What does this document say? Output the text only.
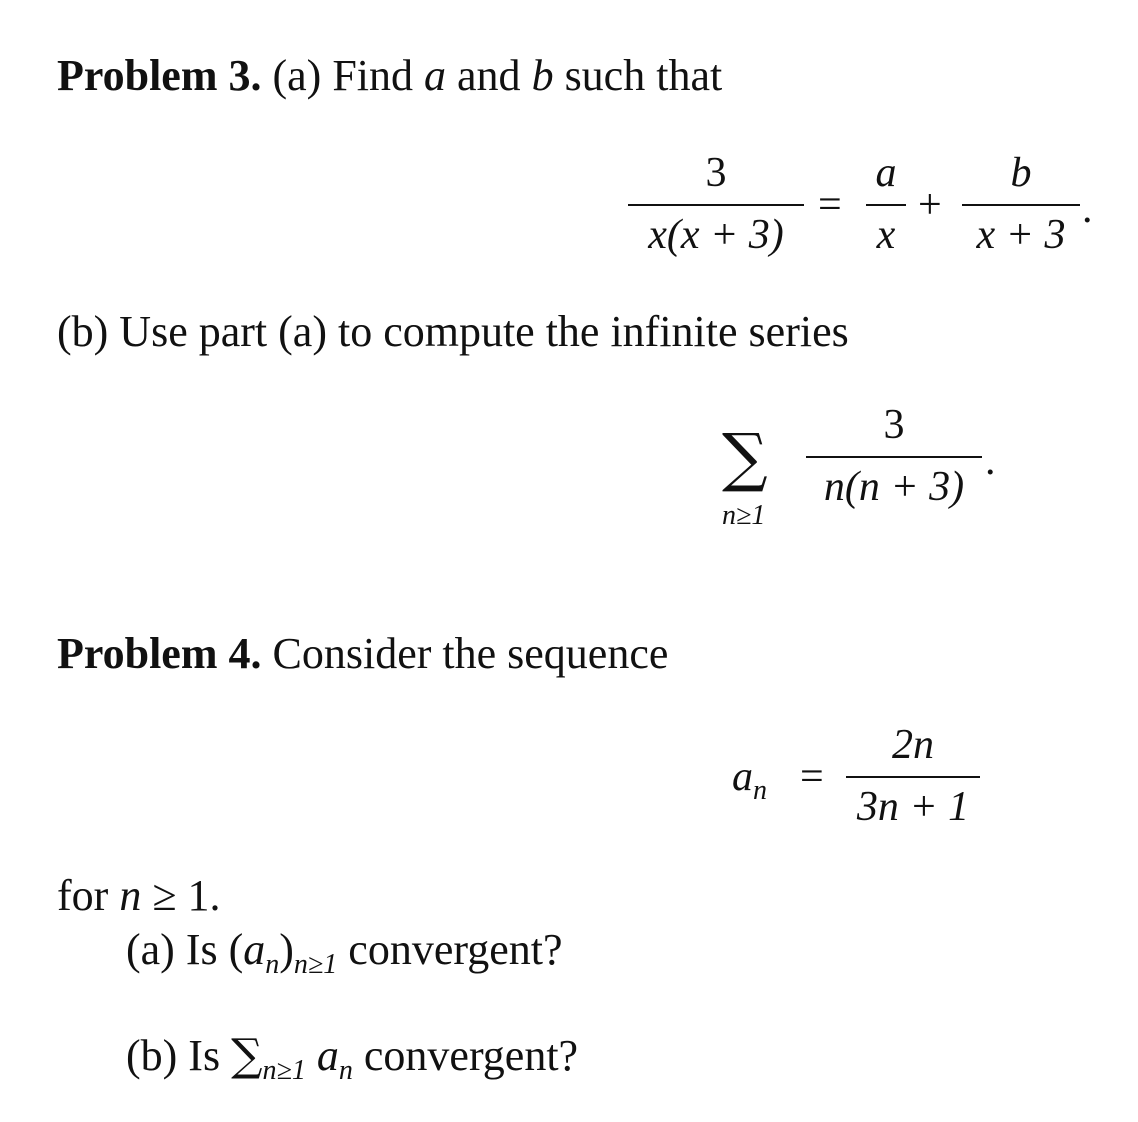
Problem 3. (a) Find a and b such that
3
x(x + 3)
=
a
x
+
b
x + 3
.
(b) Use part (a) to compute the infinite series
∑
n≥1
3
n(n + 3)
.
Problem 4. Consider the sequence
$a_n$ =
2n
3n + 1
for n ≥ 1.
(a) Is $(a_n)_{n\ge 1}$ convergent?
(b) Is $\sum_{n\ge 1}$ $a_n$ convergent?
